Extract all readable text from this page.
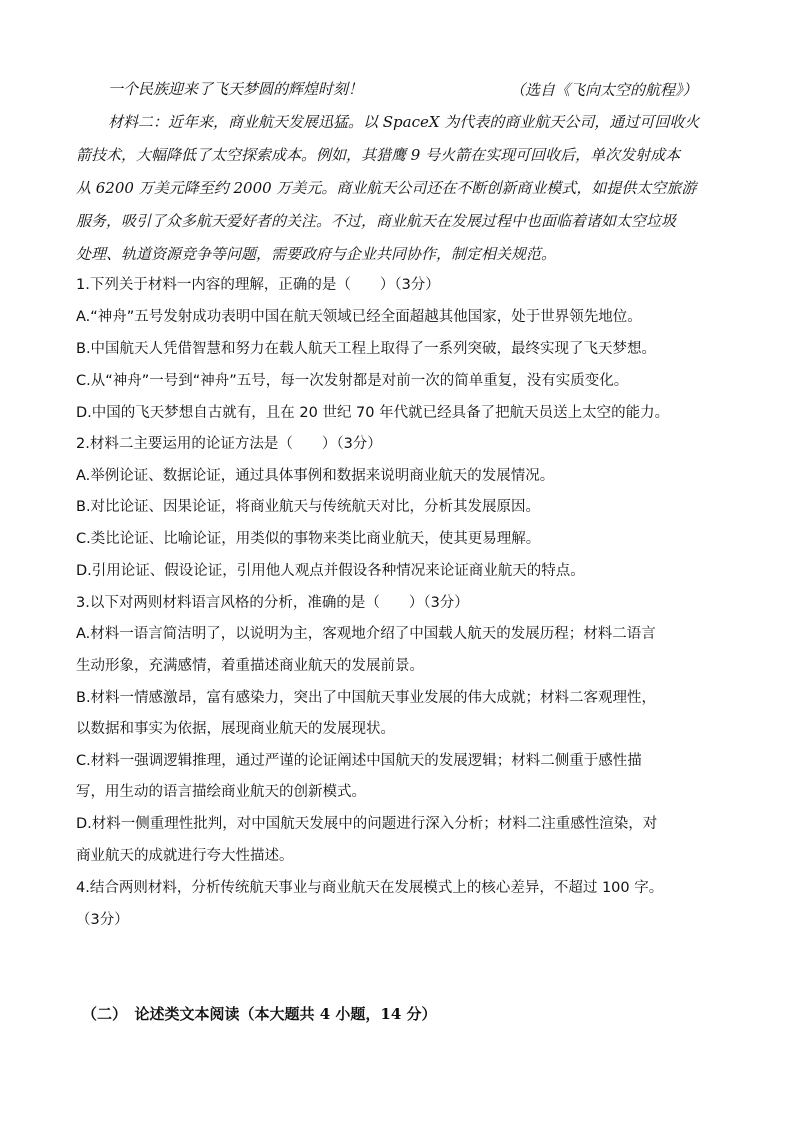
一个民族迎来了飞天梦圆的辉煌时刻！	（选自《飞向太空的航程》）
材料二：近年来，商业航天发展迅猛。以 SpaceX 为代表的商业航天公司，通过可回收火
箭技术，大幅降低了太空探索成本。例如，其猎鹰 9 号火箭在实现可回收后，单次发射成本
从 6200 万美元降至约 2000 万美元。商业航天公司还在不断创新商业模式，如提供太空旅游
服务，吸引了众多航天爱好者的关注。不过，商业航天在发展过程中也面临着诸如太空垃圾
处理、轨道资源竞争等问题，需要政府与企业共同协作，制定相关规范。
1.下列关于材料一内容的理解，正确的是（　　）（3分）
A.“神舟”五号发射成功表明中国在航天领域已经全面超越其他国家，处于世界领先地位。
B.中国航天人凭借智慧和努力在载人航天工程上取得了一系列突破，最终实现了飞天梦想。
C.从“神舟”一号到“神舟”五号，每一次发射都是对前一次的简单重复，没有实质变化。
D.中国的飞天梦想自古就有，且在 20 世纪 70 年代就已经具备了把航天员送上太空的能力。
2.材料二主要运用的论证方法是（　　）（3分）
A.举例论证、数据论证，通过具体事例和数据来说明商业航天的发展情况。
B.对比论证、因果论证，将商业航天与传统航天对比，分析其发展原因。
C.类比论证、比喻论证，用类似的事物来类比商业航天，使其更易理解。
D.引用论证、假设论证，引用他人观点并假设各种情况来论证商业航天的特点。
3.以下对两则材料语言风格的分析，准确的是（　　）（3分）
A.材料一语言简洁明了，以说明为主，客观地介绍了中国载人航天的发展历程；材料二语言
生动形象，充满感情，着重描述商业航天的发展前景。
B.材料一情感激昂，富有感染力，突出了中国航天事业发展的伟大成就；材料二客观理性，
以数据和事实为依据，展现商业航天的发展现状。
C.材料一强调逻辑推理，通过严谨的论证阐述中国航天的发展逻辑；材料二侧重于感性描
写，用生动的语言描绘商业航天的创新模式。
D.材料一侧重理性批判，对中国航天发展中的问题进行深入分析；材料二注重感性渲染，对
商业航天的成就进行夸大性描述。
4.结合两则材料，分析传统航天事业与商业航天在发展模式上的核心差异，不超过 100 字。
（3分）
（二）　论述类文本阅读（本大题共 4 小题，14 分）
